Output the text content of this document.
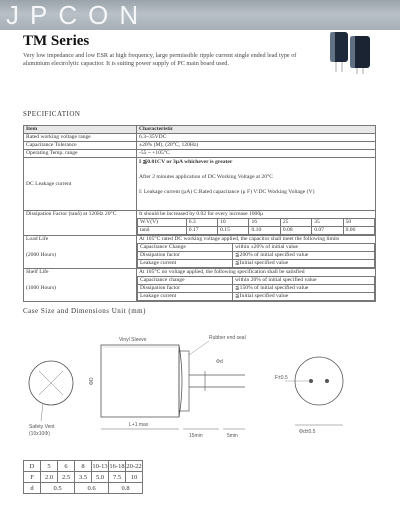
JPCON
TM Series
Very low impedance and low ESR at high frequency, large permissible ripple current single ended lead type of aluminium electrolytic capacitor. It is suiting power supply of PC main board used.
SPECIFICATION
Item	Characteristic
Rated working voltage range	6.3~35VDC
Capacitance Tolerance	±20% (M), (20°C, 120Hz)
Operating Temp. range	-55 ~ +105°C
DC Leakage current	
I ≦0.01CV or 3μA whichever is greater
After 2 minutes application of DC Working Voltage at 20°C
I: Leakage current (μA) C:Rated capacitance (μ F) V:DC Working Voltage (V)

Dissipation Factor (tanδ) at 120Hz 20°C	It should be increased by 0.02 for every increase 1000μ
W.V(V)	6.3	10	16	25	35	50
tanδ	0.17	0.15	0.10	0.08	0.07	0.06

Load Life
(2000 Hours)

At 105°C rated DC working voltage applied, the capacitor shall meet the following limits
Capacitance Change	within ±20% of initial value
Dissipation factor	≦200% of initial specified value
Leakage current	≦Initial specified value

Shelf Life
(1000 Hours)

At 105°C no voltage applied, the following specification shall be satisfied
Capacitance change	within 20% of initial specified value
Dissipation factor	≦150% of initial specified value
Leakage current	≦Initial specified value
Case Size and Dimensions Unit (mm)
Safety Vent
(10x10Φ)
Vinyl Sleeve	Rubber end seal
Φd
ΦD
L+1 max
15min	5min
F±0.5
Φd±0.5
D	5	6	8	10-13	16-18	20-22
F	2.0	2.5	3.5	5.0	7.5	10
d	0.5		0.6		0.8	
